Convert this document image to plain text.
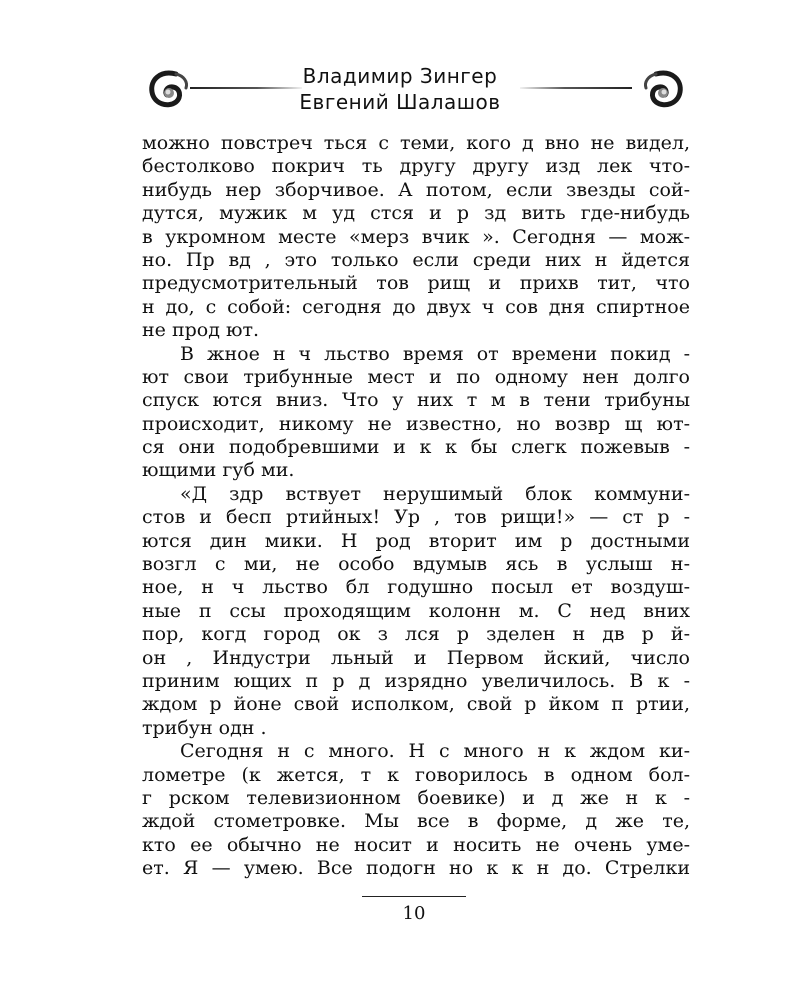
Владимир Зингер
Евгений Шалашов
можно повстреч ться с теми, кого д вно не видел,
бестолково покрич ть другу другу изд лек что-
нибудь нер зборчивое. А потом, если звезды сой-
дутся, мужик м уд стся и р зд вить где-нибудь
в укромном месте «мерз вчик ». Сегодня — мож-
но. Пр вд , это только если среди них н йдется
предусмотрительный тов рищ и прихв тит, что
н до, с собой: сегодня до двух ч сов дня спиртное
не прод ют.
В жное н ч льство время от времени покид -
ют свои трибунные мест и по одному нен долго
спуск ются вниз. Что у них т м в тени трибуны
происходит, никому не известно, но возвр щ ют-
ся они подобревшими и к к бы слегк пожевыв -
ющими губ ми.
«Д здр вствует нерушимый блок коммуни-
стов и бесп ртийных! Ур , тов рищи!» — ст р -
ются дин мики. Н род вторит им р достными
возгл с ми, не особо вдумыв ясь в услыш н-
ное, н ч льство бл годушно посыл ет воздуш-
ные п ссы проходящим колонн м. С нед вних
пор, когд город ок з лся р зделен н дв р й-
он , Индустри льный и Первом йский, число
приним ющих п р д изрядно увеличилось. В к -
ждом р йоне свой исполком, свой р йком п ртии,
трибун одн .
Сегодня н с много. Н с много н к ждом ки-
лометре (к жется, т к говорилось в одном бол-
г рском телевизионном боевике) и д же н к -
ждой стометровке. Мы все в форме, д же те,
кто ее обычно не носит и носить не очень уме-
ет. Я — умею. Все подогн но к к н до. Стрелки
10
